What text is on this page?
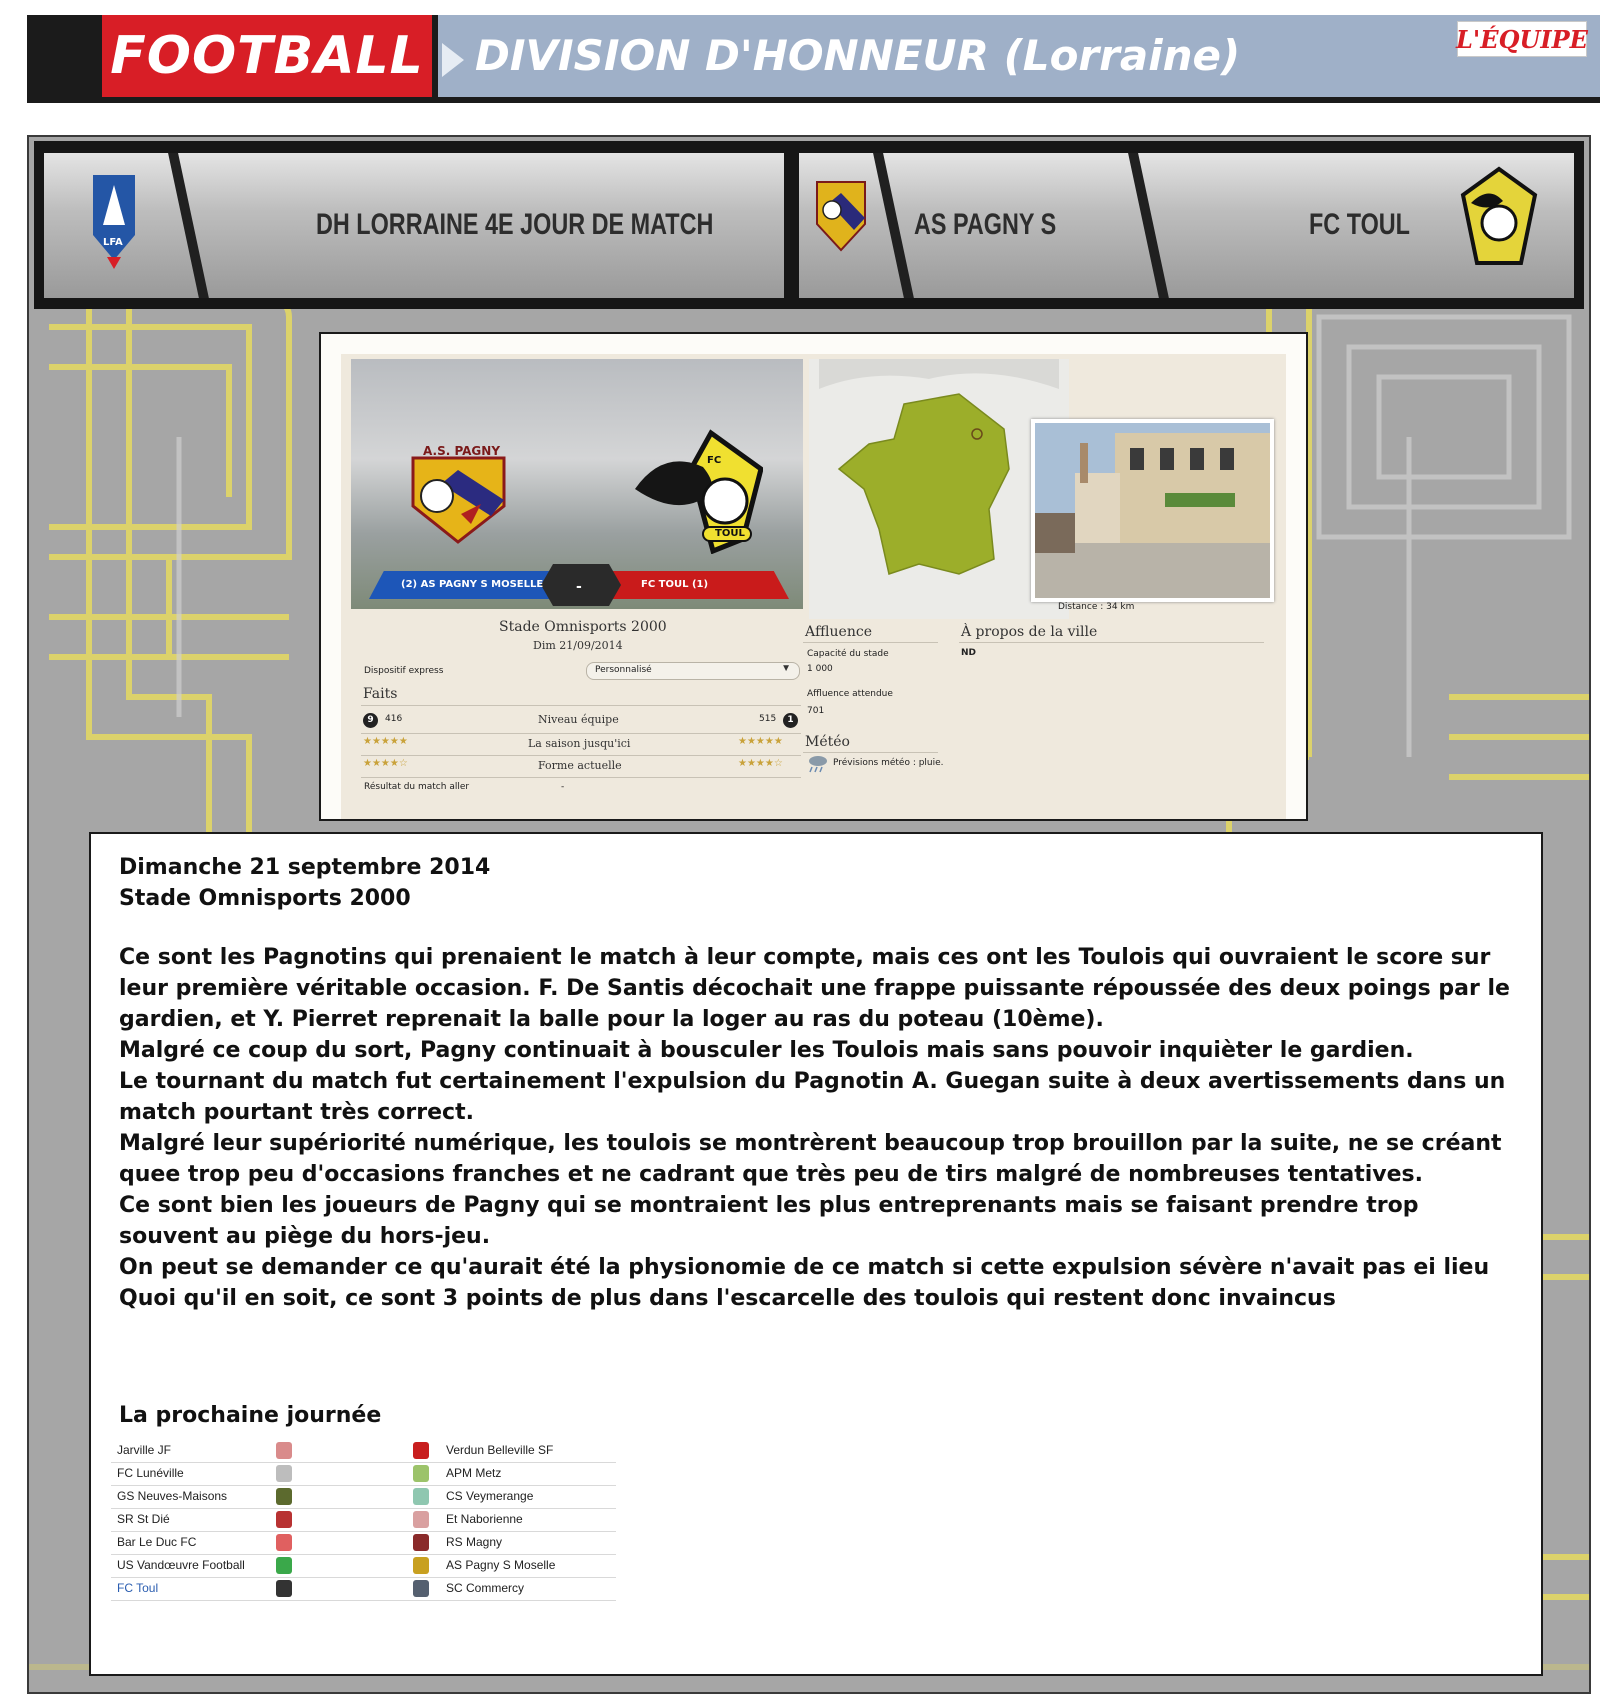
FOOTBALL DIVISION D'HONNEUR (Lorraine)	L'ÉQUIPE
LFA
DH LORRAINE 4E JOUR DE MATCH	AS PAGNY S	FC TOUL
A.S. PAGNY
TOUL
FC
(2) AS PAGNY S MOSELLE -	FC TOUL (1)
Stade Omnisports 2000
Dim 21/09/2014
Dispositif express	Personnalisé	▼
Faits
9	416	Niveau équipe	515	1
★★★★★	La saison jusqu'ici	★★★★★
★★★★☆	Forme actuelle	★★★★☆
Résultat du match aller	-
Distance : 34 km
Affluence
Capacité du stade
1 000
Affluence attendue
701
Météo
Prévisions météo : pluie.
À propos de la ville
ND
Dimanche 21 septembre 2014
Stade Omnisports 2000

Ce sont les Pagnotins qui prenaient le match à leur compte, mais ces ont les Toulois qui ouvraient le score sur leur première véritable occasion. F. De Santis décochait une frappe puissante répoussée des deux poings par le gardien, et Y. Pierret reprenait la balle pour la loger au ras du poteau (10ème).

Malgré ce coup du sort, Pagny continuait à bousculer les Toulois mais sans pouvoir inquièter le gardien.

Le tournant du match fut certainement l'expulsion du Pagnotin A. Guegan suite à deux avertissements dans un match pourtant très correct.

Malgré leur supériorité numérique, les toulois se montrèrent beaucoup trop brouillon par la suite, ne se créant quee trop peu d'occasions franches et ne cadrant que très peu de tirs malgré de nombreuses tentatives.

Ce sont bien les joueurs de Pagny qui se montraient les plus entreprenants mais se faisant prendre trop souvent au piège du hors-jeu.

On peut se demander ce qu'aurait été la physionomie de ce match si cette expulsion sévère n'avait pas ei lieu

Quoi qu'il en soit, ce sont 3 points de plus dans l'escarcelle des toulois qui restent donc invaincus

La prochaine journée
Jarville JF	Verdun Belleville SF
FC Lunéville	APM Metz
GS Neuves-Maisons	CS Veymerange
SR St Dié	Et Naborienne
Bar Le Duc FC	RS Magny
US Vandœuvre Football	AS Pagny S Moselle
FC Toul	SC Commercy
